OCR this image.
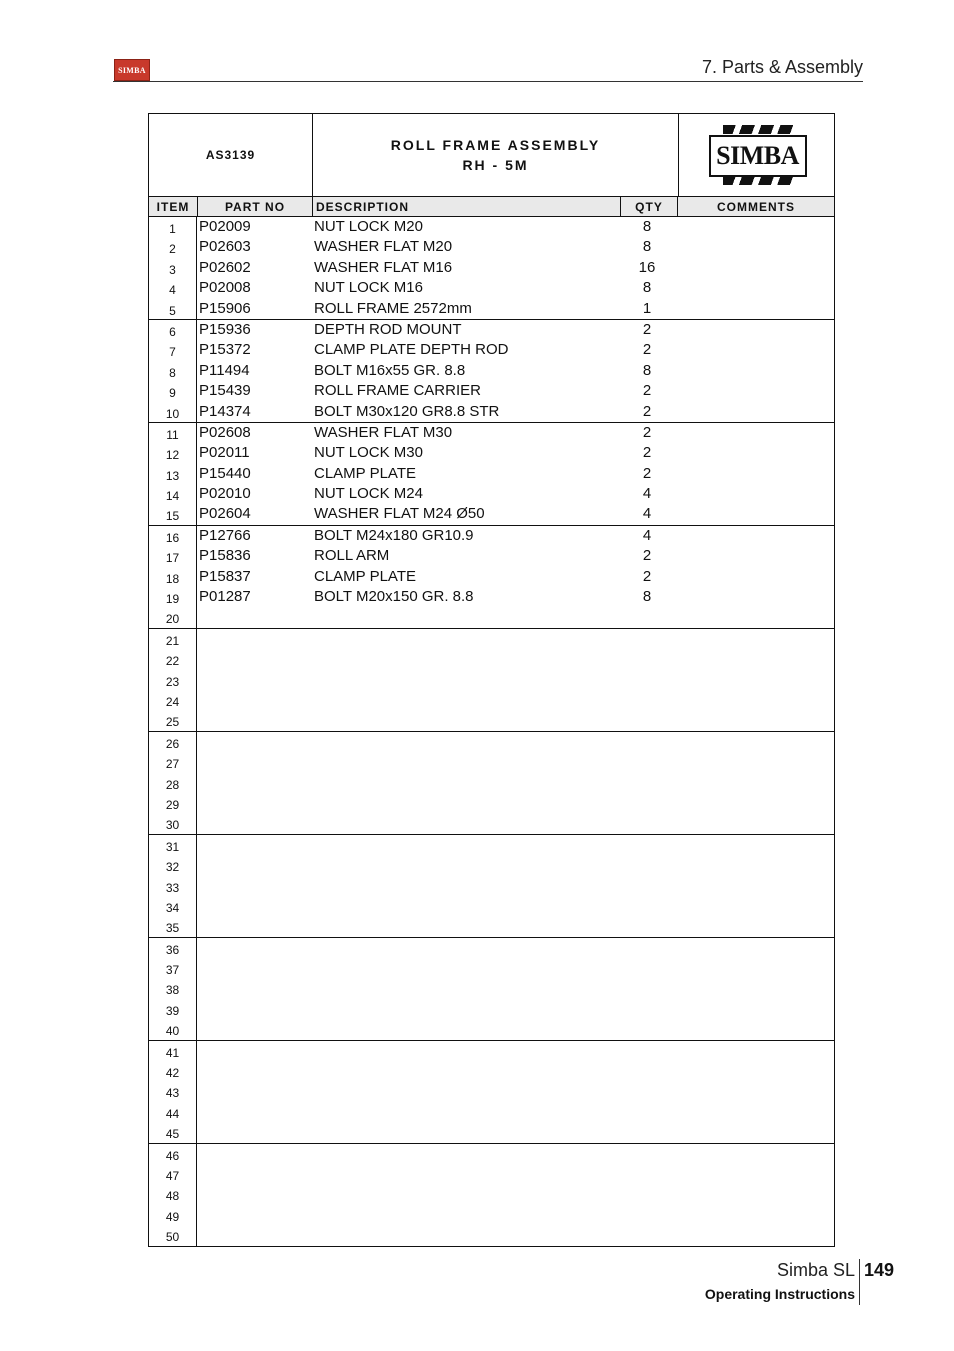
SIMBA	7. Parts & Assembly
AS3139
ROLL FRAME ASSEMBLY
RH - 5M	SIMBA
ITEM	PART NO	DESCRIPTION	QTY	COMMENTS
1	P02009	NUT LOCK M20	8
2	P02603	WASHER FLAT M20	8
3	P02602	WASHER FLAT M16	16
4	P02008	NUT LOCK M16	8
5	P15906	ROLL FRAME 2572mm	1
6	P15936	DEPTH ROD MOUNT	2
7	P15372	CLAMP PLATE DEPTH ROD	2
8	P11494	BOLT M16x55 GR. 8.8	8
9	P15439	ROLL FRAME CARRIER	2
10	P14374	BOLT M30x120 GR8.8 STR	2
11	P02608	WASHER FLAT M30	2
12	P02011	NUT LOCK M30	2
13	P15440	CLAMP PLATE	2
14	P02010	NUT LOCK M24	4
15	P02604	WASHER FLAT M24 Ø50	4
16	P12766	BOLT M24x180 GR10.9	4
17	P15836	ROLL ARM	2
18	P15837	CLAMP PLATE	2
19	P01287	BOLT M20x150 GR. 8.8	8
20
21
22
23
24
25
26
27
28
29
30
31
32
33
34
35
36
37
38
39
40
41
42
43
44
45
46
47
48
49
50
Simba SL 149
Operating Instructions
